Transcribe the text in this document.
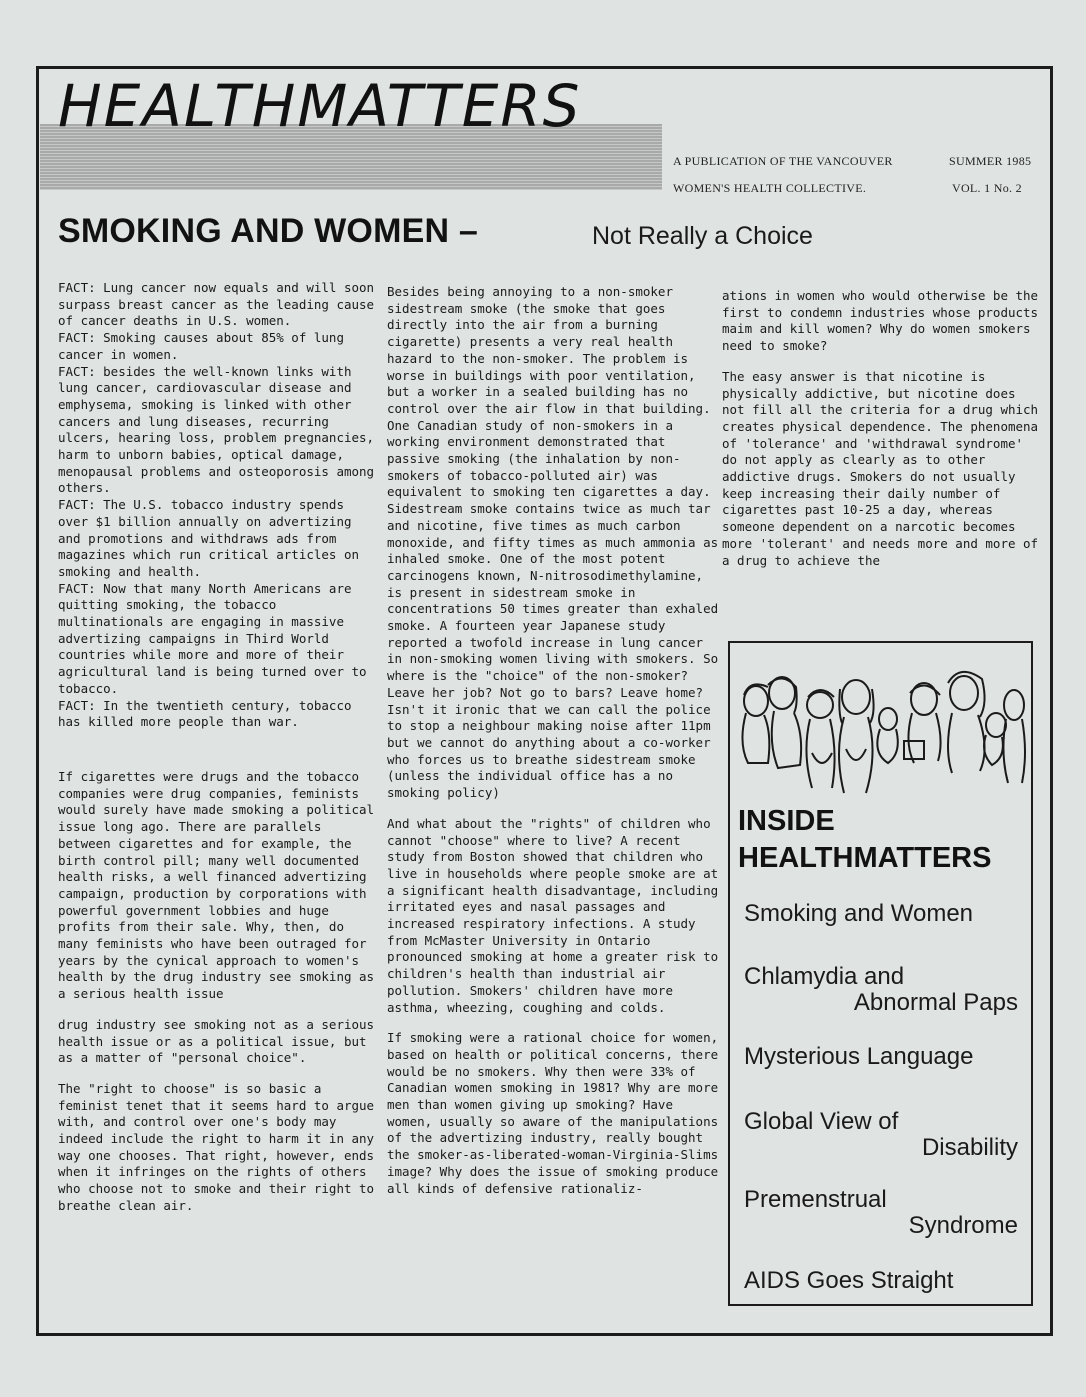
HEALTHMATTERS
A PUBLICATION OF THE VANCOUVER
WOMEN'S HEALTH COLLECTIVE.
SUMMER 1985
VOL. 1 No. 2
SMOKING AND WOMEN –	Not Really a Choice

FACT: Lung cancer now equals and will soon surpass breast cancer as the leading cause of cancer deaths in U.S. women.

FACT: Smoking causes about 85% of lung cancer in women.

FACT: besides the well-known links with lung cancer, cardiovascular disease and emphysema, smoking is linked with other cancers and lung diseases, recurring ulcers, hearing loss, problem pregnancies, harm to unborn babies, optical damage, menopausal problems and osteoporosis among others.

FACT: The U.S. tobacco industry spends over $1 billion annually on advertizing and promotions and withdraws ads from magazines which run critical articles on smoking and health.

FACT: Now that many North Americans are quitting smoking, the tobacco multinationals are engaging in massive advertizing campaigns in Third World countries while more and more of their agricultural land is being turned over to tobacco.

FACT: In the twentieth century, tobacco has killed more people than war.

If cigarettes were drugs and the tobacco companies were drug companies, feminists would surely have made smoking a political issue long ago. There are parallels between cigarettes and for example, the birth control pill; many well documented health risks, a well financed advertizing campaign, production by corporations with powerful government lobbies and huge profits from their sale. Why, then, do many feminists who have been outraged for years by the cynical approach to women's health by the drug industry see smoking as a serious health issue

drug industry see smoking not as a serious health issue or as a political issue, but as a matter of "personal choice".

The "right to choose" is so basic a feminist tenet that it seems hard to argue with, and control over one's body may indeed include the right to harm it in any way one chooses. That right, however, ends when it infringes on the rights of others who choose not to smoke and their right to breathe clean air.

Besides being annoying to a non-smoker sidestream smoke (the smoke that goes directly into the air from a burning cigarette) presents a very real health hazard to the non-smoker. The problem is worse in buildings with poor ventilation, but a worker in a sealed building has no control over the air flow in that building. One Canadian study of non-smokers in a working environment demonstrated that passive smoking (the inhalation by non-smokers of tobacco-polluted air) was equivalent to smoking ten cigarettes a day. Sidestream smoke contains twice as much tar and nicotine, five times as much carbon monoxide, and fifty times as much ammonia as inhaled smoke. One of the most potent carcinogens known, N-nitrosodimethylamine, is present in sidestream smoke in concentrations 50 times greater than exhaled smoke. A fourteen year Japanese study reported a twofold increase in lung cancer in non-smoking women living with smokers. So where is the "choice" of the non-smoker? Leave her job? Not go to bars? Leave home? Isn't it ironic that we can call the police to stop a neighbour making noise after 11pm but we cannot do anything about a co-worker who forces us to breathe sidestream smoke (unless the individual office has a no smoking policy)

And what about the "rights" of children who cannot "choose" where to live? A recent study from Boston showed that children who live in households where people smoke are at a significant health disadvantage, including irritated eyes and nasal passages and increased respiratory infections. A study from McMaster University in Ontario pronounced smoking at home a greater risk to children's health than industrial air pollution. Smokers' children have more asthma, wheezing, coughing and colds.

If smoking were a rational choice for women, based on health or political concerns, there would be no smokers. Why then were 33% of Canadian women smoking in 1981? Why are more men than women giving up smoking? Have women, usually so aware of the manipulations of the advertizing industry, really bought the smoker-as-liberated-woman-Virginia-Slims image? Why does the issue of smoking produce all kinds of defensive rationaliz-

ations in women who would otherwise be the first to condemn industries whose products maim and kill women? Why do women smokers need to smoke?

The easy answer is that nicotine is physically addictive, but nicotine does not fill all the criteria for a drug which creates physical dependence. The phenomena of 'tolerance' and 'withdrawal syndrome' do not apply as clearly as to other addictive drugs. Smokers do not usually keep increasing their daily number of cigarettes past 10-25 a day, whereas someone dependent on a narcotic becomes more 'tolerant' and needs more and more of a drug to achieve the

INSIDE
HEALTHMATTERS
Smoking and Women
Chlamydia and
Abnormal Paps
Mysterious Language
Global View of
Disability
Premenstrual
Syndrome
AIDS Goes Straight
